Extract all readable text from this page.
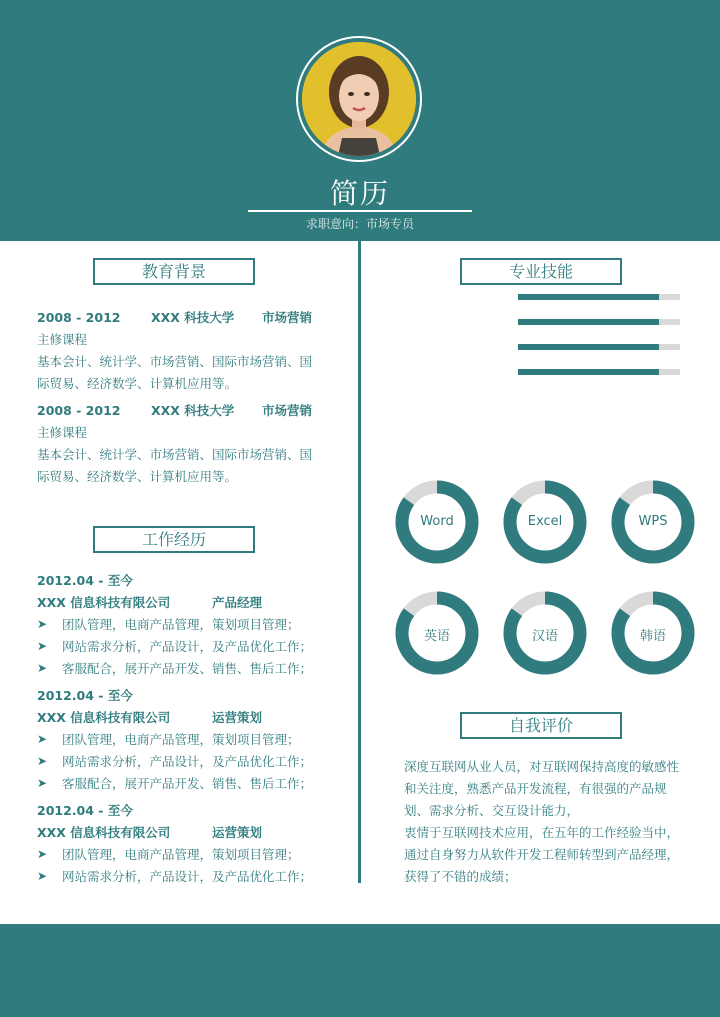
简历
求职意向：市场专员
教育背景
2008 - 2012 XXX 科技大学 市场营销
主修课程
基本会计、统计学、市场营销、国际市场营销、国
际贸易、经济数学、计算机应用等。
2008 - 2012 XXX 科技大学 市场营销
主修课程
基本会计、统计学、市场营销、国际市场营销、国
际贸易、经济数学、计算机应用等。
工作经历
2012.04 - 至今
XXX 信息科技有限公司	产品经理
➤ 团队管理，电商产品管理，策划项目管理；
➤ 网站需求分析，产品设计，及产品优化工作；
➤ 客服配合，展开产品开发、销售、售后工作；
2012.04 - 至今
XXX 信息科技有限公司	运营策划
➤ 团队管理，电商产品管理，策划项目管理；
➤ 网站需求分析，产品设计，及产品优化工作；
➤ 客服配合，展开产品开发、销售、售后工作；
2012.04 - 至今
XXX 信息科技有限公司	运营策划
➤ 团队管理，电商产品管理，策划项目管理；
➤ 网站需求分析，产品设计，及产品优化工作；
专业技能
Word	Excel	WPS
英语	汉语	韩语
自我评价
深度互联网从业人员，对互联网保持高度的敏感性
和关注度，熟悉产品开发流程，有很强的产品规
划、需求分析、交互设计能力，
衷情于互联网技术应用，在五年的工作经验当中，
通过自身努力从软件开发工程师转型到产品经理，
获得了不错的成绩；
